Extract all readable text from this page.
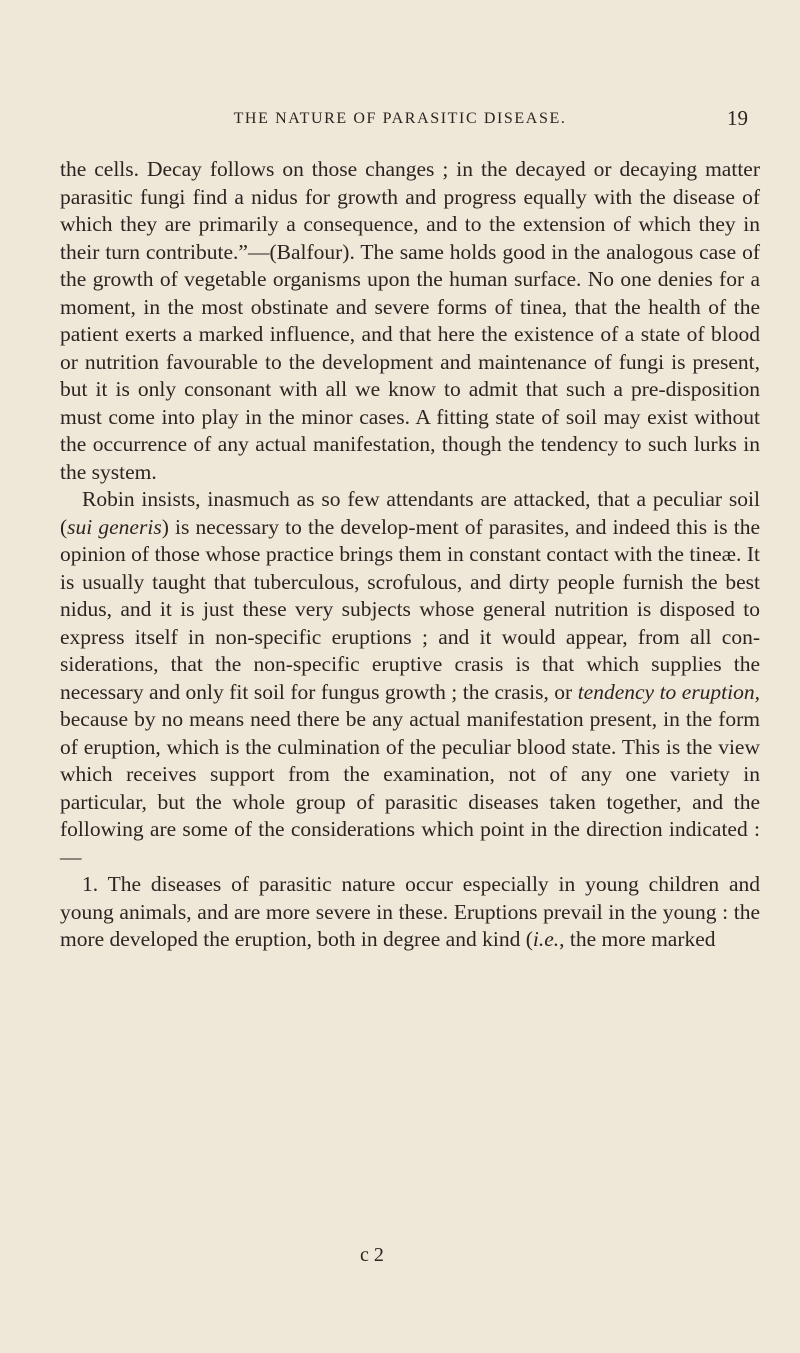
THE NATURE OF PARASITIC DISEASE.	19

the cells. Decay follows on those changes ; in the decayed or decaying matter parasitic fungi find a nidus for growth and progress equally with the disease of which they are primarily a consequence, and to the extension of which they in their turn contribute.”—(Balfour). The same holds good in the analogous case of the growth of vegetable organisms upon the human surface. No one denies for a moment, in the most obstinate and severe forms of tinea, that the health of the patient exerts a marked influence, and that here the existence of a state of blood or nutrition favourable to the development and maintenance of fungi is present, but it is only consonant with all we know to admit that such a pre-disposition must come into play in the minor cases. A fitting state of soil may exist without the occurrence of any actual manifestation, though the tendency to such lurks in the system.

Robin insists, inasmuch as so few attendants are attacked, that a peculiar soil (sui generis) is necessary to the develop-ment of parasites, and indeed this is the opinion of those whose practice brings them in constant contact with the tineæ. It is usually taught that tuberculous, scrofulous, and dirty people furnish the best nidus, and it is just these very subjects whose general nutrition is disposed to express itself in non-specific eruptions ; and it would appear, from all con-siderations, that the non-specific eruptive crasis is that which supplies the necessary and only fit soil for fungus growth ; the crasis, or tendency to eruption, because by no means need there be any actual manifestation present, in the form of eruption, which is the culmination of the peculiar blood state. This is the view which receives support from the examination, not of any one variety in particular, but the whole group of parasitic diseases taken together, and the following are some of the considerations which point in the direction indicated :—

1. The diseases of parasitic nature occur especially in young children and young animals, and are more severe in these. Eruptions prevail in the young : the more developed the eruption, both in degree and kind (i.e., the more marked

c 2
